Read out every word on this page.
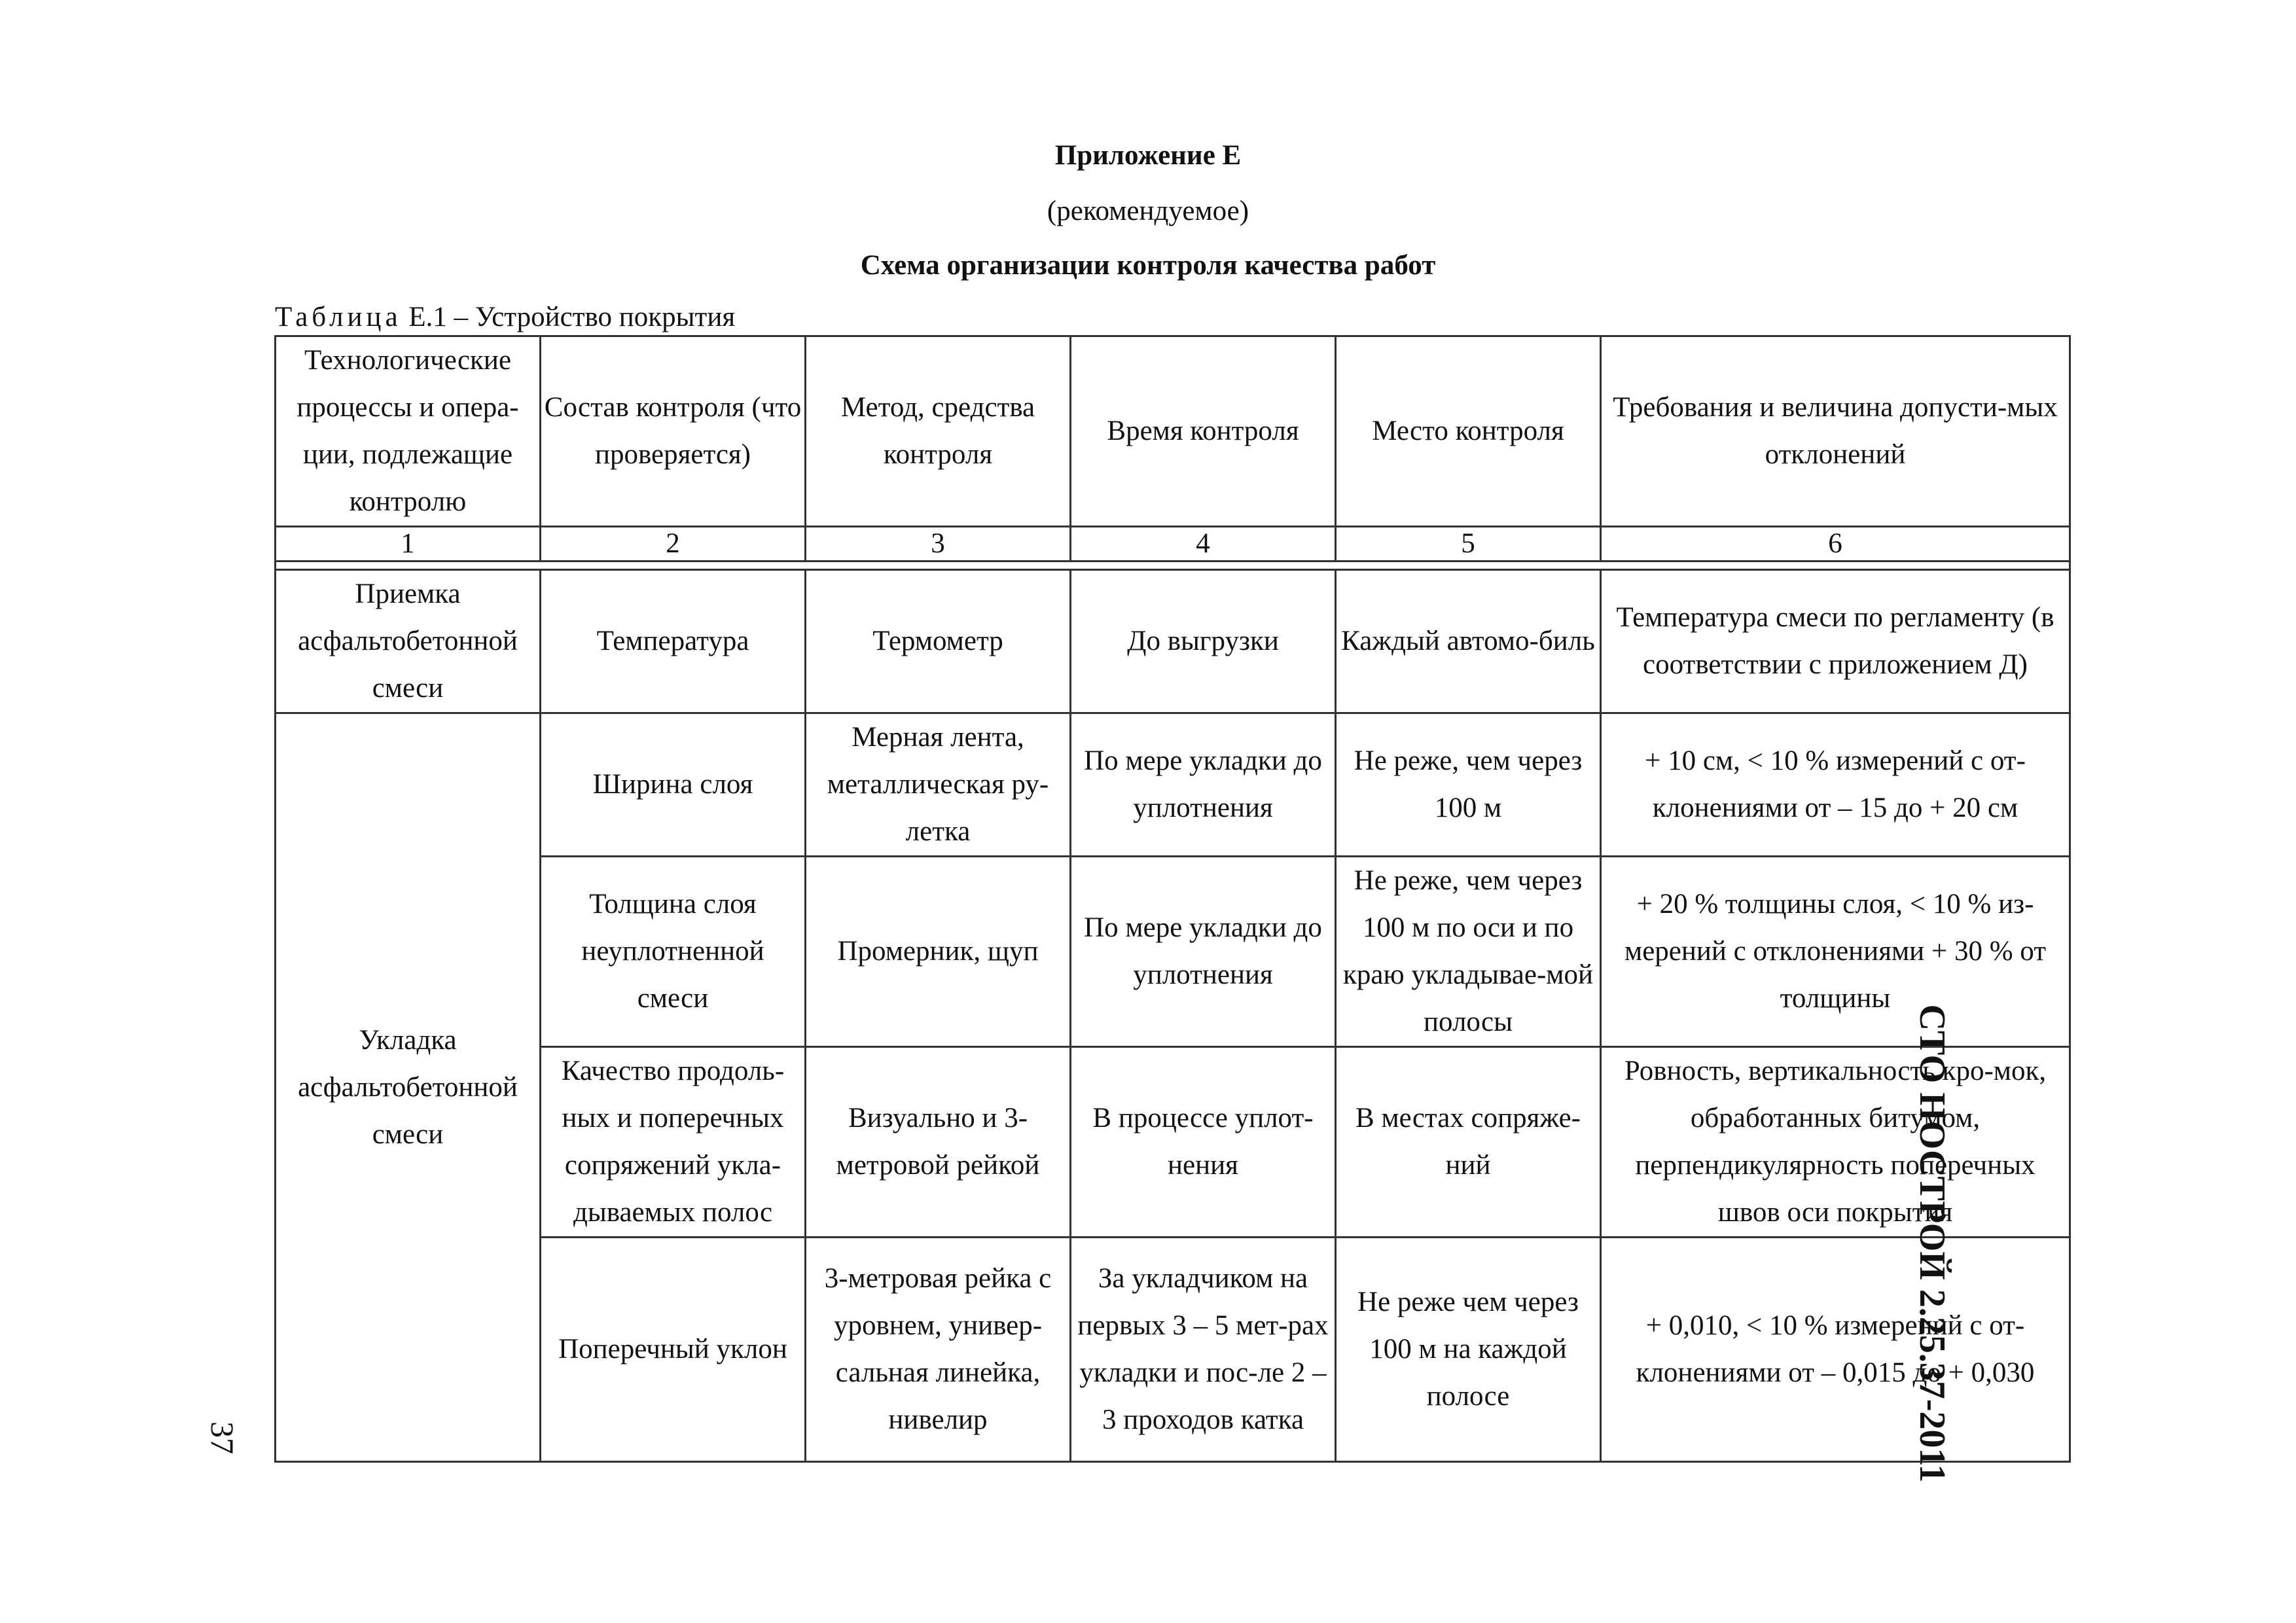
Приложение Е
(рекомендуемое)
Схема организации контроля качества работ
Таблица Е.1 – Устройство покрытия
Технологические процессы и опера-ции, подлежащие контролю	Состав контроля (что проверяется)	Метод, средства контроля	Время контроля	Место контроля	Требования и величина допусти-мых отклонений
1	2	3	4	5	6

Приемка асфальтобетонной смеси	Температура	Термометр	До выгрузки	Каждый автомо-биль	Температура смеси по регламенту (в соответствии с приложением Д)
Укладка асфальтобетонной смеси	Ширина слоя	Мерная лента, металлическая ру-летка	По мере укладки до уплотнения	Не реже, чем через 100 м	+ 10 см, < 10 % измерений с от-клонениями от – 15 до + 20 см
	Толщина слоя неуплотненной смеси	Промерник, щуп	По мере укладки до уплотнения	Не реже, чем через 100 м по оси и по краю укладывае-мой полосы	+ 20 % толщины слоя, < 10 % из-мерений с отклонениями + 30 % от толщины
	Качество продоль-ных и поперечных сопряжений укла-дываемых полос	Визуально и 3-метровой рейкой	В процессе уплот-нения	В местах сопряже-ний	Ровность, вертикальность кро-мок, обработанных битумом, перпендикулярность поперечных швов оси покрытия
	Поперечный уклон	3-метровая рейка с уровнем, универ-сальная линейка, нивелир	За укладчиком на первых 3 – 5 мет-рах укладки и пос-ле 2 – 3 проходов катка	Не реже чем через 100 м на каждой полосе	+ 0,010, < 10 % измерений с от-клонениями от – 0,015 до + 0,030
37	СТО НОСТРОЙ 2.25.37-2011
